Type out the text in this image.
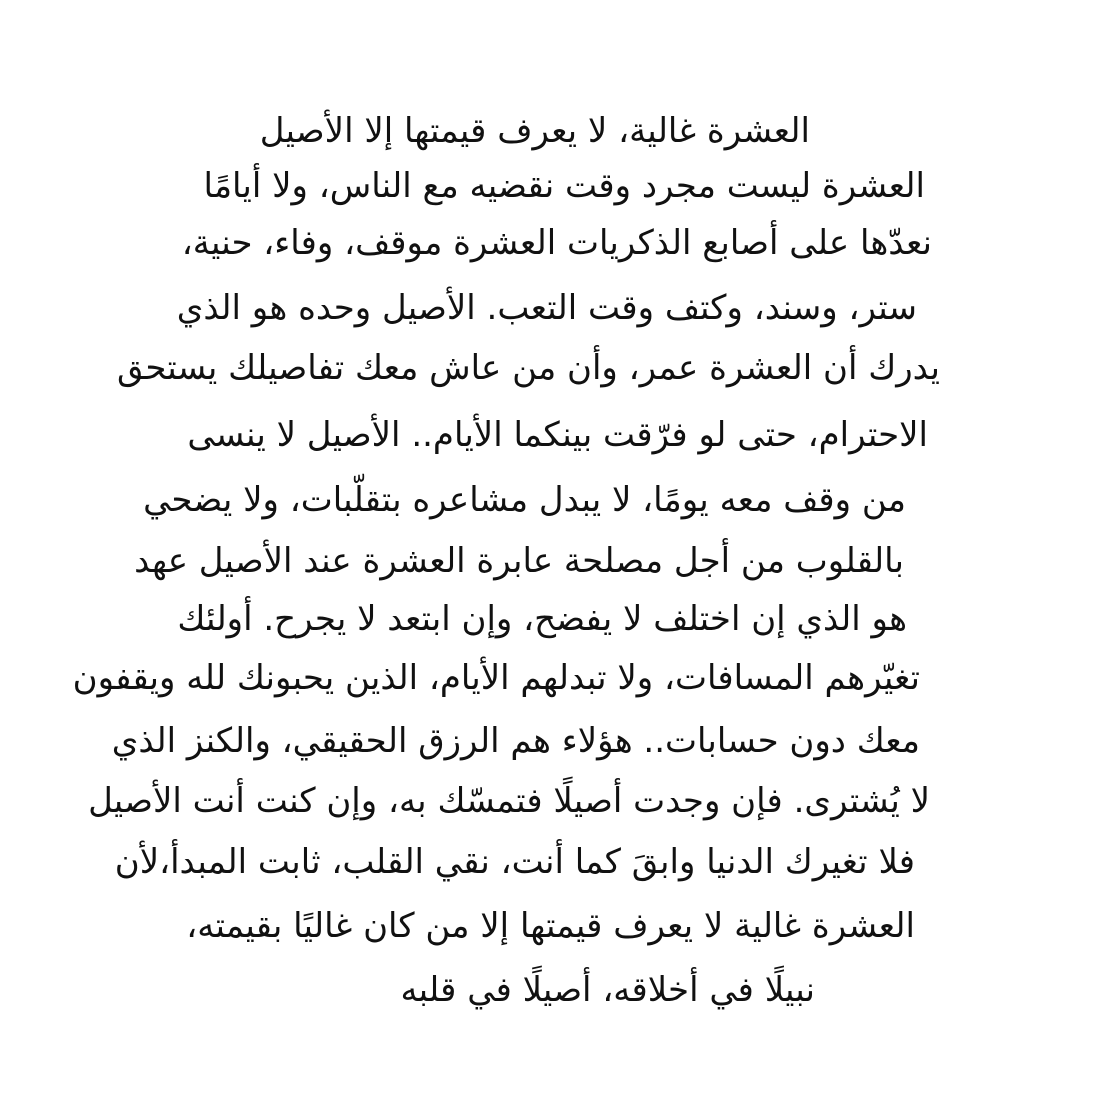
العشرة غالية، لا يعرف قيمتها إلا الأصيل

العشرة ليست مجرد وقت نقضيه مع الناس، ولا أيامًا

نعدّها على أصابع الذكريات العشرة موقف، وفاء، حنية،

ستر، وسند، وكتف وقت التعب. الأصيل وحده هو الذي

يدرك أن العشرة عمر، وأن من عاش معك تفاصيلك يستحق

الاحترام، حتى لو فرّقت بينكما الأيام.. الأصيل لا ينسى

من وقف معه يومًا، لا يبدل مشاعره بتقلّبات، ولا يضحي

بالقلوب من أجل مصلحة عابرة العشرة عند الأصيل عهد

هو الذي إن اختلف لا يفضح، وإن ابتعد لا يجرح. أولئك

تغيّرهم المسافات، ولا تبدلهم الأيام، الذين يحبونك لله ويقفون

معك دون حسابات.. هؤلاء هم الرزق الحقيقي، والكنز الذي

لا يُشترى. فإن وجدت أصيلًا فتمسّك به، وإن كنت أنت الأصيل

فلا تغيرك الدنيا وابقَ كما أنت، نقي القلب، ثابت المبدأ،لأن

العشرة غالية لا يعرف قيمتها إلا من كان غاليًا بقيمته،

نبيلًا في أخلاقه، أصيلًا في قلبه
